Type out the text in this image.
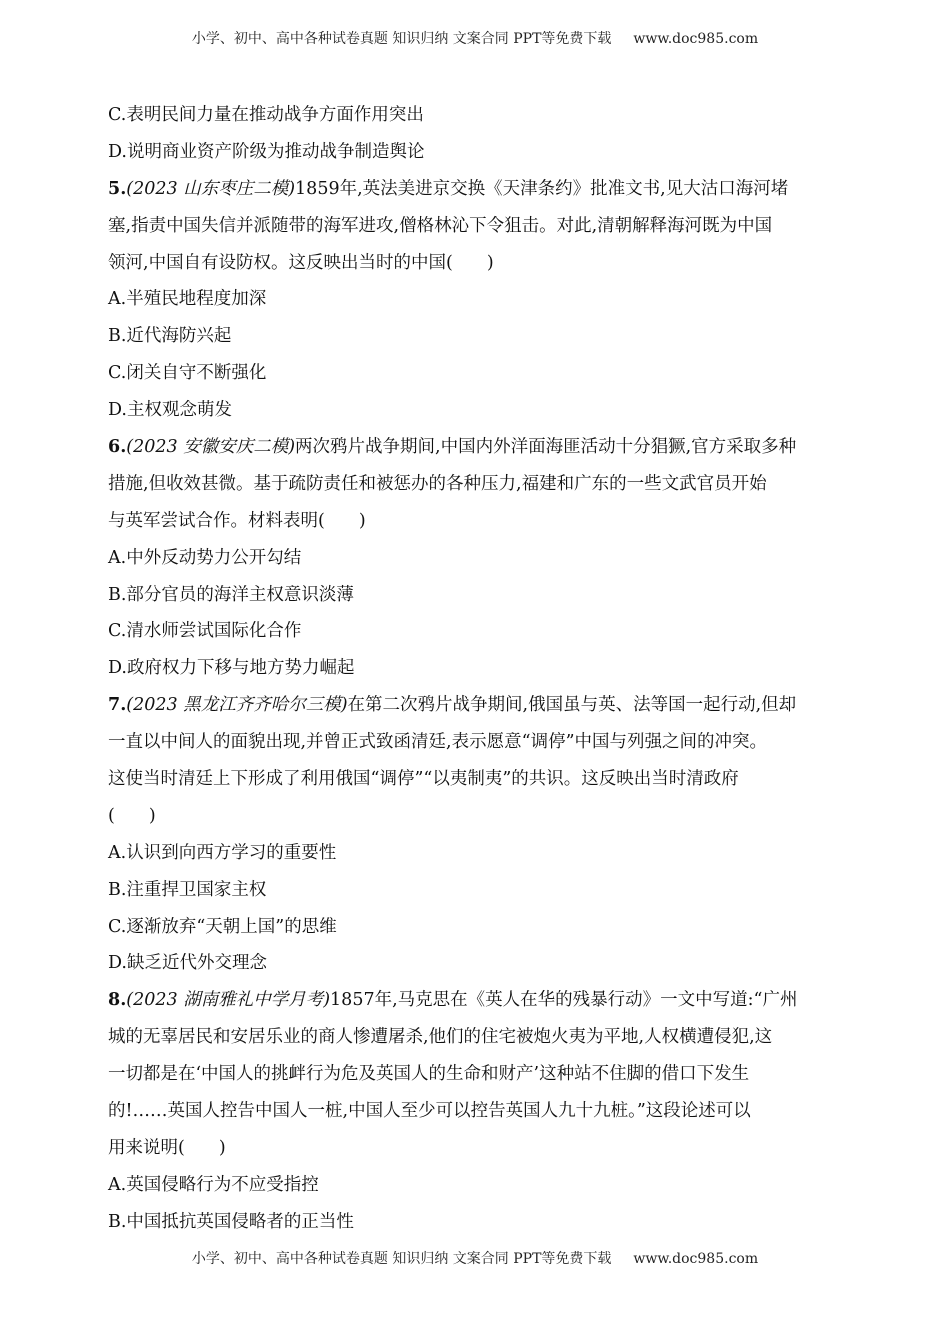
小学、初中、高中各种试卷真题 知识归纳 文案合同 PPT等免费下载 www.doc985.com
C.表明民间力量在推动战争方面作用突出
D.说明商业资产阶级为推动战争制造舆论
5.(2023 山东枣庄二模)1859年,英法美进京交换《天津条约》批准文书,见大沽口海河堵
塞,指责中国失信并派随带的海军进攻,僧格林沁下令狙击。对此,清朝解释海河既为中国
领河,中国自有设防权。这反映出当时的中国( )
A.半殖民地程度加深
B.近代海防兴起
C.闭关自守不断强化
D.主权观念萌发
6.(2023 安徽安庆二模)两次鸦片战争期间,中国内外洋面海匪活动十分猖獗,官方采取多种
措施,但收效甚微。基于疏防责任和被惩办的各种压力,福建和广东的一些文武官员开始
与英军尝试合作。材料表明( )
A.中外反动势力公开勾结
B.部分官员的海洋主权意识淡薄
C.清水师尝试国际化合作
D.政府权力下移与地方势力崛起
7.(2023 黑龙江齐齐哈尔三模)在第二次鸦片战争期间,俄国虽与英、法等国一起行动,但却
一直以中间人的面貌出现,并曾正式致函清廷,表示愿意“调停”中国与列强之间的冲突。
这使当时清廷上下形成了利用俄国“调停”“以夷制夷”的共识。这反映出当时清政府
( )
A.认识到向西方学习的重要性
B.注重捍卫国家主权
C.逐渐放弃“天朝上国”的思维
D.缺乏近代外交理念
8.(2023 湖南雅礼中学月考)1857年,马克思在《英人在华的残暴行动》一文中写道:“广州
城的无辜居民和安居乐业的商人惨遭屠杀,他们的住宅被炮火夷为平地,人权横遭侵犯,这
一切都是在‘中国人的挑衅行为危及英国人的生命和财产’这种站不住脚的借口下发生
的!……英国人控告中国人一桩,中国人至少可以控告英国人九十九桩。”这段论述可以
用来说明( )
A.英国侵略行为不应受指控
B.中国抵抗英国侵略者的正当性
小学、初中、高中各种试卷真题 知识归纳 文案合同 PPT等免费下载 www.doc985.com
